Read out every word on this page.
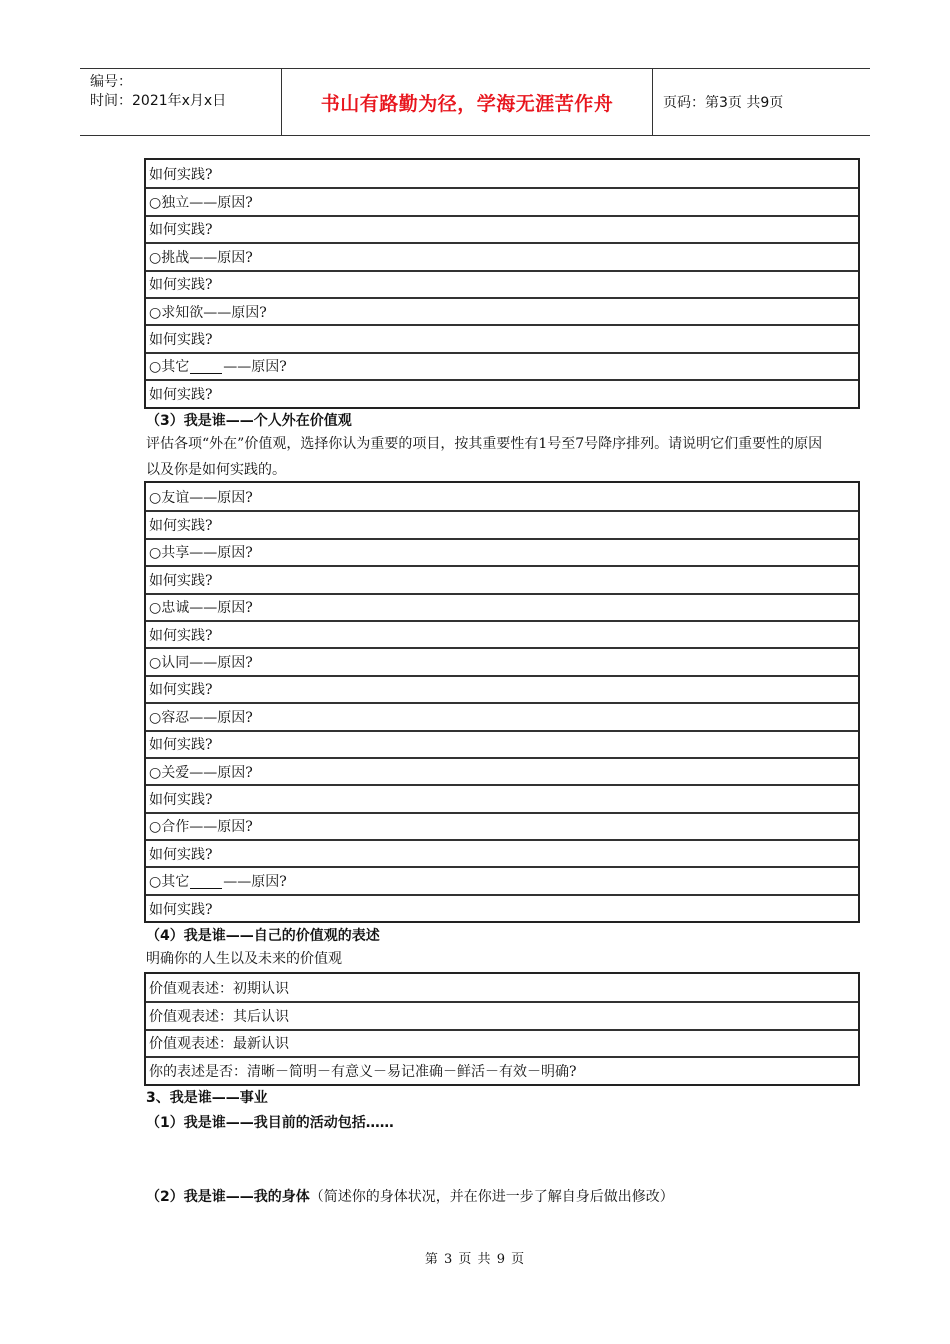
编号：
时间：2021年x月x日	书山有路勤为径，学海无涯苦作舟	页码：第3页 共9页
如何实践?
○独立——原因?
如何实践?
○挑战——原因?
如何实践?
○求知欲——原因?
如何实践?
○其它 ——原因?
如何实践?
（3）我是谁——个人外在价值观
评估各项“外在”价值观，选择你认为重要的项目，按其重要性有1号至7号降序排列。请说明它们重要性的原因以及你是如何实践的。
○友谊——原因?
如何实践?
○共享——原因?
如何实践?
○忠诚——原因?
如何实践?
○认同——原因?
如何实践?
○容忍——原因?
如何实践?
○关爱——原因?
如何实践?
○合作——原因?
如何实践?
○其它 ——原因?
如何实践?
（4）我是谁——自己的价值观的表述
明确你的人生以及未来的价值观
价值观表述：初期认识
价值观表述：其后认识
价值观表述：最新认识
你的表述是否：清晰－简明－有意义－易记准确－鲜活－有效－明确?
3、我是谁——事业
（1）我是谁——我目前的活动包括……
（2）我是谁——我的身体（简述你的身体状况，并在你进一步了解自身后做出修改）
第 3 页 共 9 页
